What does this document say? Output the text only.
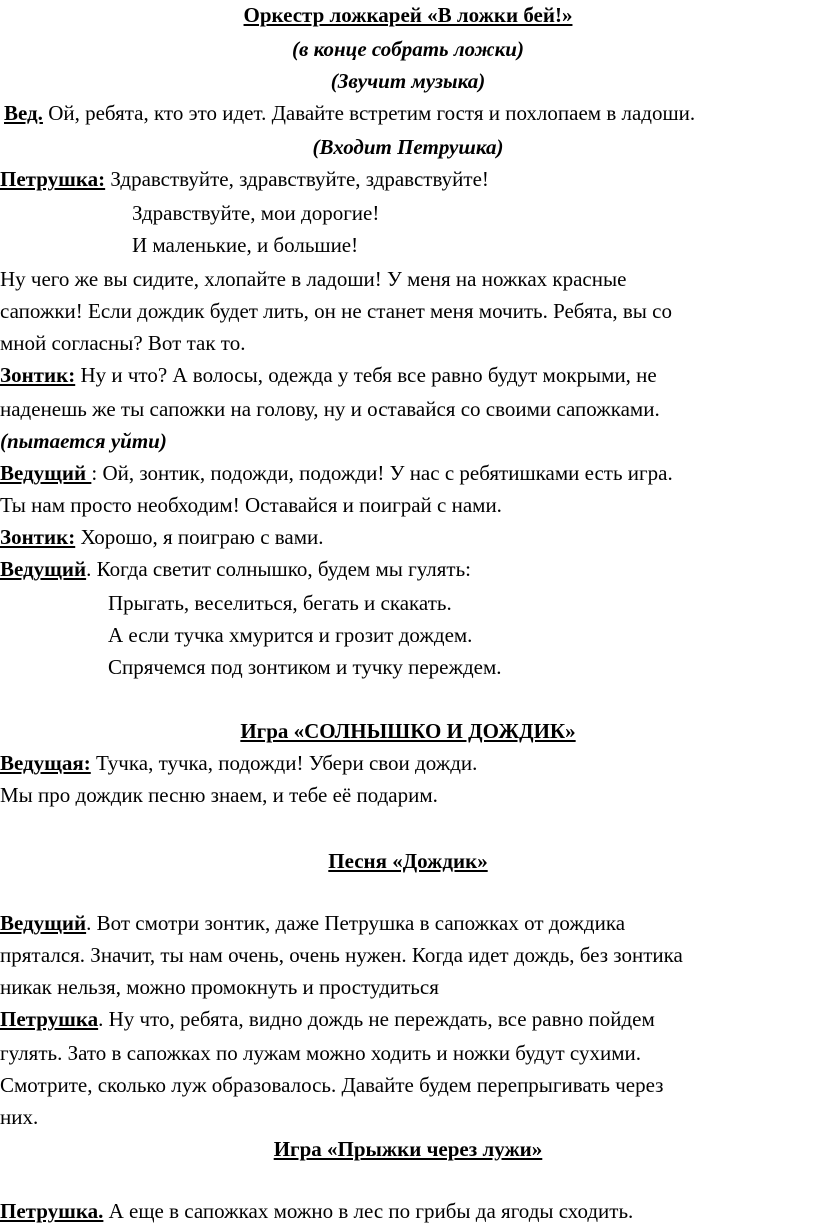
Оркестр ложкарей «В ложки бей!»
(в конце собрать ложки)
(Звучит музыка)
Вед. Ой, ребята, кто это идет. Давайте встретим гостя и похлопаем в ладоши.
(Входит Петрушка)
Петрушка: Здравствуйте, здравствуйте, здравствуйте!
Здравствуйте, мои дорогие!
И маленькие, и большие!
Ну чего же вы сидите, хлопайте в ладоши! У меня на ножках красные
сапожки! Если дождик будет лить, он не станет меня мочить. Ребята, вы со
мной согласны? Вот так то.
Зонтик: Ну и что? А волосы, одежда у тебя все равно будут мокрыми, не
наденешь же ты сапожки на голову, ну и оставайся со своими сапожками.
(пытается уйти)
Ведущий : Ой, зонтик, подожди, подожди! У нас с ребятишками есть игра.
Ты нам просто необходим! Оставайся и поиграй с нами.
Зонтик: Хорошо, я поиграю с вами.
Ведущий. Когда светит солнышко, будем мы гулять:
Прыгать, веселиться, бегать и скакать.
А если тучка хмурится и грозит дождем.
Спрячемся под зонтиком и тучку переждем.
Игра «СОЛНЫШКО И ДОЖДИК»
Ведущая: Тучка, тучка, подожди! Убери свои дожди.
Мы про дождик песню знаем, и тебе её подарим.
Песня «Дождик»
Ведущий. Вот смотри зонтик, даже Петрушка в сапожках от дождика
прятался. Значит, ты нам очень, очень нужен. Когда идет дождь, без зонтика
никак нельзя, можно промокнуть и простудиться
Петрушка. Ну что, ребята, видно дождь не переждать, все равно пойдем
гулять. Зато в сапожках по лужам можно ходить и ножки будут сухими.
Смотрите, сколько луж образовалось. Давайте будем перепрыгивать через
них.
Игра «Прыжки через лужи»
Петрушка. А еще в сапожках можно в лес по грибы да ягоды сходить.
